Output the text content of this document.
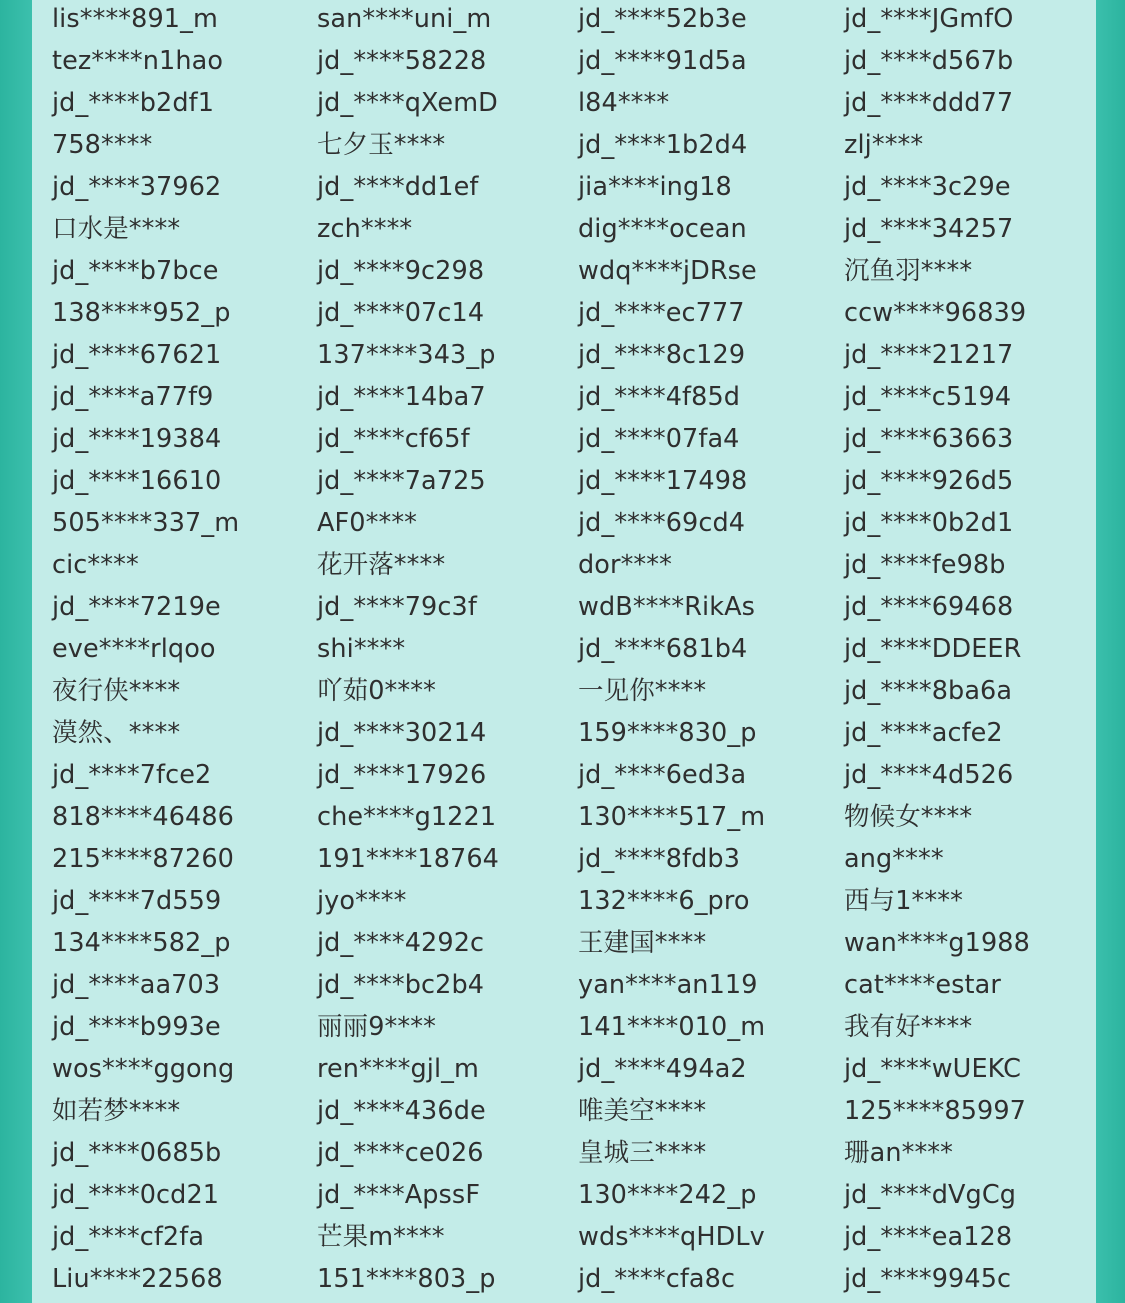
lis****891_m	san****uni_m	jd_****52b3e	jd_****JGmfO
tez****n1hao	jd_****58228	jd_****91d5a	jd_****d567b
jd_****b2df1	jd_****qXemD	l84****	jd_****ddd77
758****	七夕玉****	jd_****1b2d4	zlj****
jd_****37962	jd_****dd1ef	jia****ing18	jd_****3c29e
口水是****	zch****	dig****ocean	jd_****34257
jd_****b7bce	jd_****9c298	wdq****jDRse	沉鱼羽****
138****952_p	jd_****07c14	jd_****ec777	ccw****96839
jd_****67621	137****343_p	jd_****8c129	jd_****21217
jd_****a77f9	jd_****14ba7	jd_****4f85d	jd_****c5194
jd_****19384	jd_****cf65f	jd_****07fa4	jd_****63663
jd_****16610	jd_****7a725	jd_****17498	jd_****926d5
505****337_m	AF0****	jd_****69cd4	jd_****0b2d1
cic****	花开落****	dor****	jd_****fe98b
jd_****7219e	jd_****79c3f	wdB****RikAs	jd_****69468
eve****rlqoo	shi****	jd_****681b4	jd_****DDEER
夜行侠****	吖茹0****	一见你****	jd_****8ba6a
漠然、****	jd_****30214	159****830_p	jd_****acfe2
jd_****7fce2	jd_****17926	jd_****6ed3a	jd_****4d526
818****46486	che****g1221	130****517_m	物候女****
215****87260	191****18764	jd_****8fdb3	ang****
jd_****7d559	jyo****	132****6_pro	西与1****
134****582_p	jd_****4292c	王建国****	wan****g1988
jd_****aa703	jd_****bc2b4	yan****an119	cat****estar
jd_****b993e	丽丽9****	141****010_m	我有好****
wos****ggong	ren****gjl_m	jd_****494a2	jd_****wUEKC
如若梦****	jd_****436de	唯美空****	125****85997
jd_****0685b	jd_****ce026	皇城三****	珊an****
jd_****0cd21	jd_****ApssF	130****242_p	jd_****dVgCg
jd_****cf2fa	芒果m****	wds****qHDLv	jd_****ea128
Liu****22568	151****803_p	jd_****cfa8c	jd_****9945c
